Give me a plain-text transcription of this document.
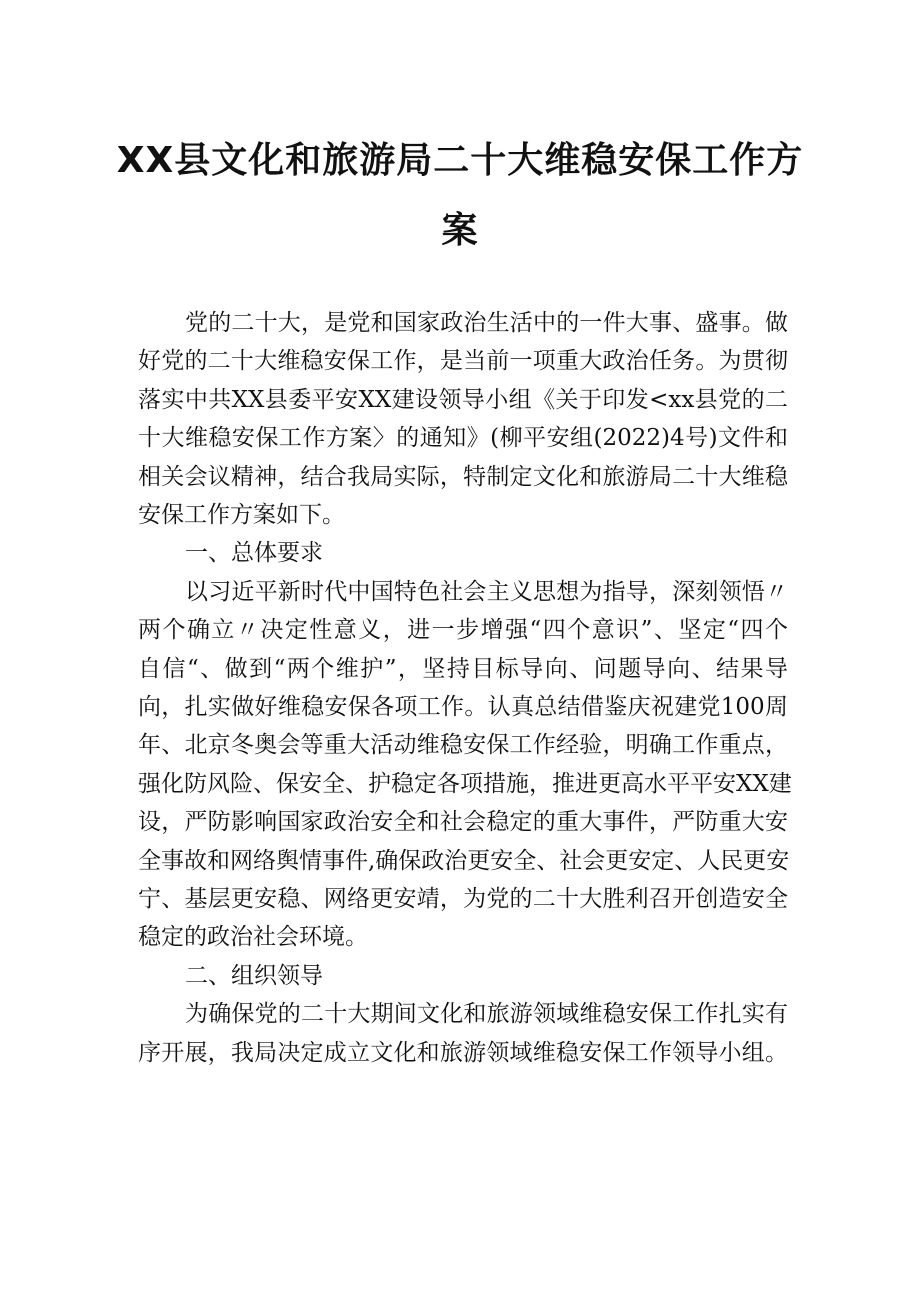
XX县文化和旅游局二十大维稳安保工作方
案
党的二十大，是党和国家政治生活中的一件大事、盛事。做
好党的二十大维稳安保工作，是当前一项重大政治任务。为贯彻
落实中共XX县委平安XX建设领导小组《关于印发<xx县党的二
十大维稳安保工作方案〉的通知》(柳平安组(2022)4号)文件和
相关会议精神，结合我局实际，特制定文化和旅游局二十大维稳
安保工作方案如下。
一、总体要求
以习近平新时代中国特色社会主义思想为指导，深刻领悟〃
两个确立〃决定性意义，进一步增强“四个意识”、坚定“四个
自信“、做到“两个维护”，坚持目标导向、问题导向、结果导
向，扎实做好维稳安保各项工作。认真总结借鉴庆祝建党100周
年、北京冬奥会等重大活动维稳安保工作经验，明确工作重点，
强化防风险、保安全、护稳定各项措施，推进更高水平平安XX建
设，严防影响国家政治安全和社会稳定的重大事件，严防重大安
全事故和网络舆情事件,确保政治更安全、社会更安定、人民更安
宁、基层更安稳、网络更安靖，为党的二十大胜利召开创造安全
稳定的政治社会环境。
二、组织领导
为确保党的二十大期间文化和旅游领域维稳安保工作扎实有
序开展，我局决定成立文化和旅游领域维稳安保工作领导小组。
